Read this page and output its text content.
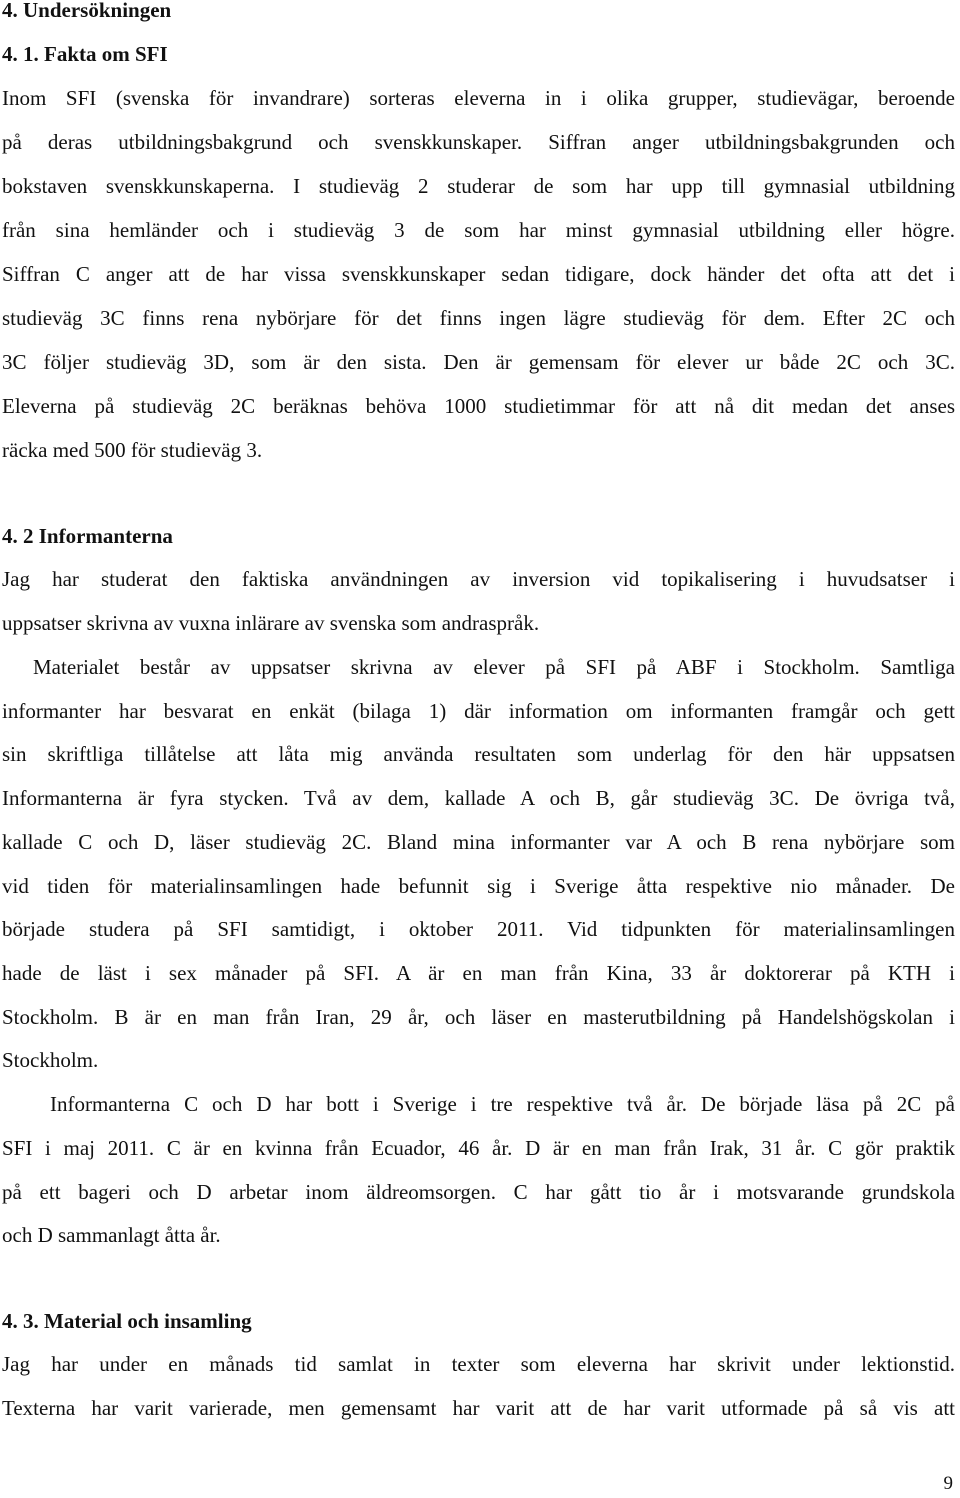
4. Undersökningen
4. 1. Fakta om SFI
Inom SFI (svenska för invandrare) sorteras eleverna in i olika grupper, studievägar, beroende
på deras utbildningsbakgrund och svenskkunskaper. Siffran anger utbildningsbakgrunden och
bokstaven svenskkunskaperna. I studieväg 2 studerar de som har upp till gymnasial utbildning
från sina hemländer och i studieväg 3 de som har minst gymnasial utbildning eller högre.
Siffran C anger att de har vissa svenskkunskaper sedan tidigare, dock händer det ofta att det i
studieväg 3C finns rena nybörjare för det finns ingen lägre studieväg för dem. Efter 2C och
3C följer studieväg 3D, som är den sista. Den är gemensam för elever ur både 2C och 3C.
Eleverna på studieväg 2C beräknas behöva 1000 studietimmar för att nå dit medan det anses
räcka med 500 för studieväg 3.
4. 2 Informanterna
Jag har studerat den faktiska användningen av inversion vid topikalisering i huvudsatser i
uppsatser skrivna av vuxna inlärare av svenska som andraspråk.
Materialet består av uppsatser skrivna av elever på SFI på ABF i Stockholm. Samtliga
informanter har besvarat en enkät (bilaga 1) där information om informanten framgår och gett
sin skriftliga tillåtelse att låta mig använda resultaten som underlag för den här uppsatsen
Informanterna är fyra stycken. Två av dem, kallade A och B, går studieväg 3C. De övriga två,
kallade C och D, läser studieväg 2C. Bland mina informanter var A och B rena nybörjare som
vid tiden för materialinsamlingen hade befunnit sig i Sverige åtta respektive nio månader. De
började studera på SFI samtidigt, i oktober 2011. Vid tidpunkten för materialinsamlingen
hade de läst i sex månader på SFI. A är en man från Kina, 33 år doktorerar på KTH i
Stockholm. B är en man från Iran, 29 år, och läser en masterutbildning på Handelshögskolan i
Stockholm.
Informanterna C och D har bott i Sverige i tre respektive två år. De började läsa på 2C på
SFI i maj 2011. C är en kvinna från Ecuador, 46 år. D är en man från Irak, 31 år. C gör praktik
på ett bageri och D arbetar inom äldreomsorgen. C har gått tio år i motsvarande grundskola
och D sammanlagt åtta år.
4. 3. Material och insamling
Jag har under en månads tid samlat in texter som eleverna har skrivit under lektionstid.
Texterna har varit varierade, men gemensamt har varit att de har varit utformade på så vis att
9
